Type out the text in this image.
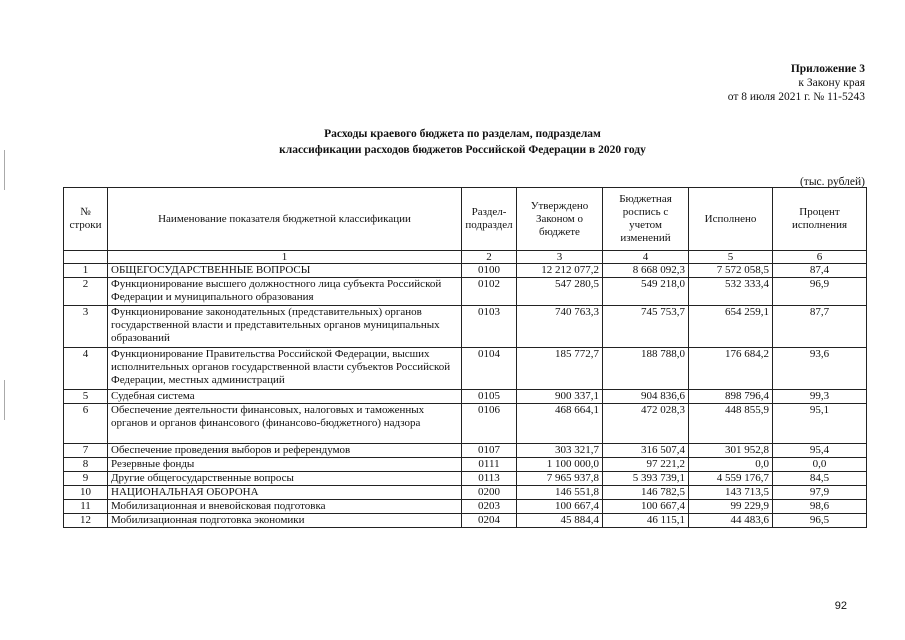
Приложение 3
к Закону края
от 8 июля 2021 г. № 11-5243
Расходы краевого бюджета по разделам, подразделам
классификации расходов бюджетов Российской Федерации в 2020 году
(тыс. рублей)
№ строки	Наименование показателя бюджетной классификации	Раздел-подраздел	Утверждено Законом о бюджете	Бюджетная роспись с учетом изменений	Исполнено	Процент исполнения
	1	2	3	4	5	6
1	ОБЩЕГОСУДАРСТВЕННЫЕ ВОПРОСЫ	0100	12 212 077,2	8 668 092,3	7 572 058,5	87,4
2	Функционирование высшего должностного лица субъекта Российской Федерации и муниципального образования	0102	547 280,5	549 218,0	532 333,4	96,9
3	Функционирование законодательных (представительных) органов государственной власти и представительных органов муниципальных образований	0103	740 763,3	745 753,7	654 259,1	87,7
4	Функционирование Правительства Российской Федерации, высших исполнительных органов государственной власти субъектов Российской Федерации, местных администраций	0104	185 772,7	188 788,0	176 684,2	93,6
5	Судебная система	0105	900 337,1	904 836,6	898 796,4	99,3
6	Обеспечение деятельности финансовых, налоговых и таможенных органов и органов финансового (финансово-бюджетного) надзора	0106	468 664,1	472 028,3	448 855,9	95,1
7	Обеспечение проведения выборов и референдумов	0107	303 321,7	316 507,4	301 952,8	95,4
8	Резервные фонды	0111	1 100 000,0	97 221,2	0,0	0,0
9	Другие общегосударственные вопросы	0113	7 965 937,8	5 393 739,1	4 559 176,7	84,5
10	НАЦИОНАЛЬНАЯ ОБОРОНА	0200	146 551,8	146 782,5	143 713,5	97,9
11	Мобилизационная и вневойсковая подготовка	0203	100 667,4	100 667,4	99 229,9	98,6
12	Мобилизационная подготовка экономики	0204	45 884,4	46 115,1	44 483,6	96,5
92
